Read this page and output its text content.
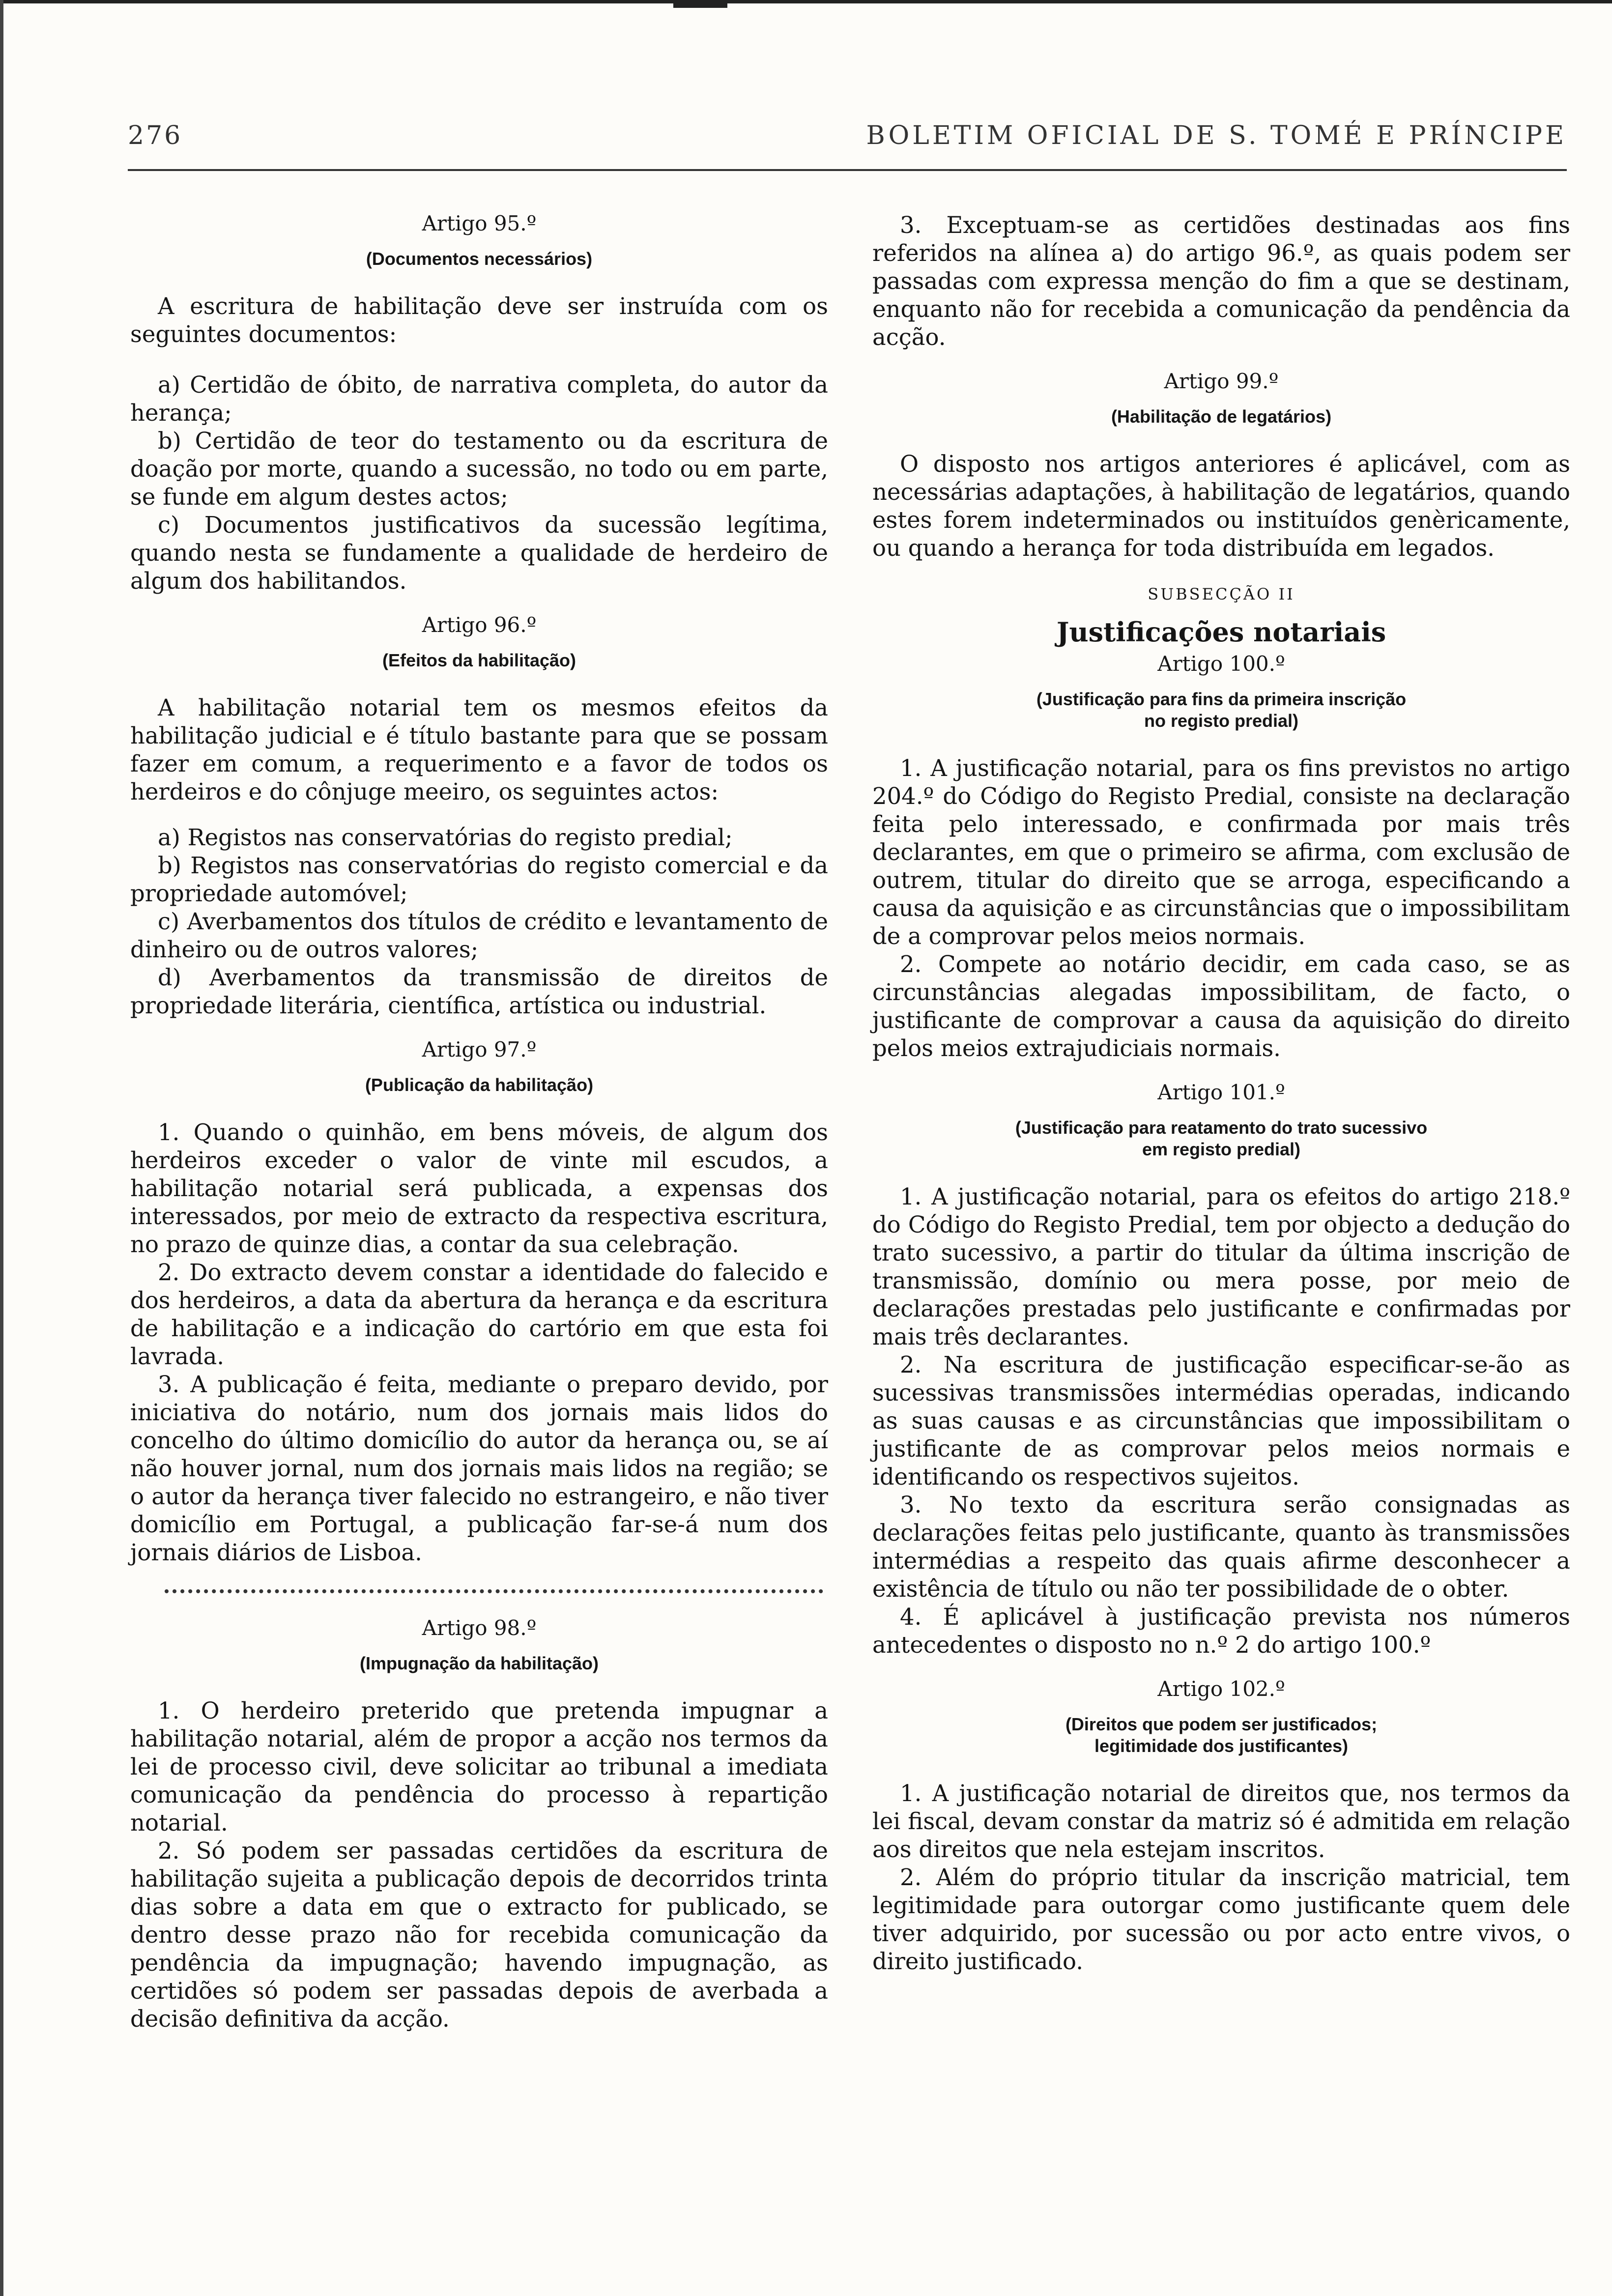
276	BOLETIM OFICIAL DE S. TOMÉ E PRÍNCIPE
Artigo 95.º
(Documentos necessários)

A escritura de habilitação deve ser instruída com os seguintes documentos:

a) Certidão de óbito, de narrativa completa, do autor da herança;

b) Certidão de teor do testamento ou da escritura de doação por morte, quando a sucessão, no todo ou em parte, se funde em algum destes actos;

c) Documentos justificativos da sucessão legítima, quando nesta se fundamente a qualidade de herdeiro de algum dos habilitandos.

Artigo 96.º
(Efeitos da habilitação)

A habilitação notarial tem os mesmos efeitos da habilitação judicial e é título bastante para que se possam fazer em comum, a requerimento e a favor de todos os herdeiros e do cônjuge meeiro, os seguintes actos:

a) Registos nas conservatórias do registo predial;

b) Registos nas conservatórias do registo comercial e da propriedade automóvel;

c) Averbamentos dos títulos de crédito e levantamento de dinheiro ou de outros valores;

d) Averbamentos da transmissão de direitos de propriedade literária, científica, artística ou industrial.

Artigo 97.º
(Publicação da habilitação)

1. Quando o quinhão, em bens móveis, de algum dos herdeiros exceder o valor de vinte mil escudos, a habilitação notarial será publicada, a expensas dos interessados, por meio de extracto da respectiva escritura, no prazo de quinze dias, a contar da sua celebração.

2. Do extracto devem constar a identidade do falecido e dos herdeiros, a data da abertura da herança e da escritura de habilitação e a indicação do cartório em que esta foi lavrada.

3. A publicação é feita, mediante o preparo devido, por iniciativa do notário, num dos jornais mais lidos do concelho do último domicílio do autor da herança ou, se aí não houver jornal, num dos jornais mais lidos na região; se o autor da herança tiver falecido no estrangeiro, e não tiver domicílio em Portugal, a publicação far-se-á num dos jornais diários de Lisboa.

Artigo 98.º
(Impugnação da habilitação)

1. O herdeiro preterido que pretenda impugnar a habilitação notarial, além de propor a acção nos termos da lei de processo civil, deve solicitar ao tribunal a imediata comunicação da pendência do processo à repartição notarial.

2. Só podem ser passadas certidões da escritura de habilitação sujeita a publicação depois de decorridos trinta dias sobre a data em que o extracto for publicado, se dentro desse prazo não for recebida comunicação da pendência da impugnação; havendo impugnação, as certidões só podem ser passadas depois de averbada a decisão definitiva da acção.

3. Exceptuam-se as certidões destinadas aos fins referidos na alínea a) do artigo 96.º, as quais podem ser passadas com expressa menção do fim a que se destinam, enquanto não for recebida a comunicação da pendência da acção.

Artigo 99.º
(Habilitação de legatários)

O disposto nos artigos anteriores é aplicável, com as necessárias adaptações, à habilitação de legatários, quando estes forem indeterminados ou instituídos genèricamente, ou quando a herança for toda distribuída em legados.

SUBSECÇÃO II
Justificações notariais
Artigo 100.º
(Justificação para fins da primeira inscrição
no registo predial)

1. A justificação notarial, para os fins previstos no artigo 204.º do Código do Registo Predial, consiste na declaração feita pelo interessado, e confirmada por mais três declarantes, em que o primeiro se afirma, com exclusão de outrem, titular do direito que se arroga, especificando a causa da aquisição e as circunstâncias que o impossibilitam de a comprovar pelos meios normais.

2. Compete ao notário decidir, em cada caso, se as circunstâncias alegadas impossibilitam, de facto, o justificante de comprovar a causa da aquisição do direito pelos meios extrajudiciais normais.

Artigo 101.º
(Justificação para reatamento do trato sucessivo
em registo predial)

1. A justificação notarial, para os efeitos do artigo 218.º do Código do Registo Predial, tem por objecto a dedução do trato sucessivo, a partir do titular da última inscrição de transmissão, domínio ou mera posse, por meio de declarações prestadas pelo justificante e confirmadas por mais três declarantes.

2. Na escritura de justificação especificar-se-ão as sucessivas transmissões intermédias operadas, indicando as suas causas e as circunstâncias que impossibilitam o justificante de as comprovar pelos meios normais e identificando os respectivos sujeitos.

3. No texto da escritura serão consignadas as declarações feitas pelo justificante, quanto às transmissões intermédias a respeito das quais afirme desconhecer a existência de título ou não ter possibilidade de o obter.

4. É aplicável à justificação prevista nos números antecedentes o disposto no n.º 2 do artigo 100.º

Artigo 102.º
(Direitos que podem ser justificados;
legitimidade dos justificantes)

1. A justificação notarial de direitos que, nos termos da lei fiscal, devam constar da matriz só é admitida em relação aos direitos que nela estejam inscritos.

2. Além do próprio titular da inscrição matricial, tem legitimidade para outorgar como justificante quem dele tiver adquirido, por sucessão ou por acto entre vivos, o direito justificado.
